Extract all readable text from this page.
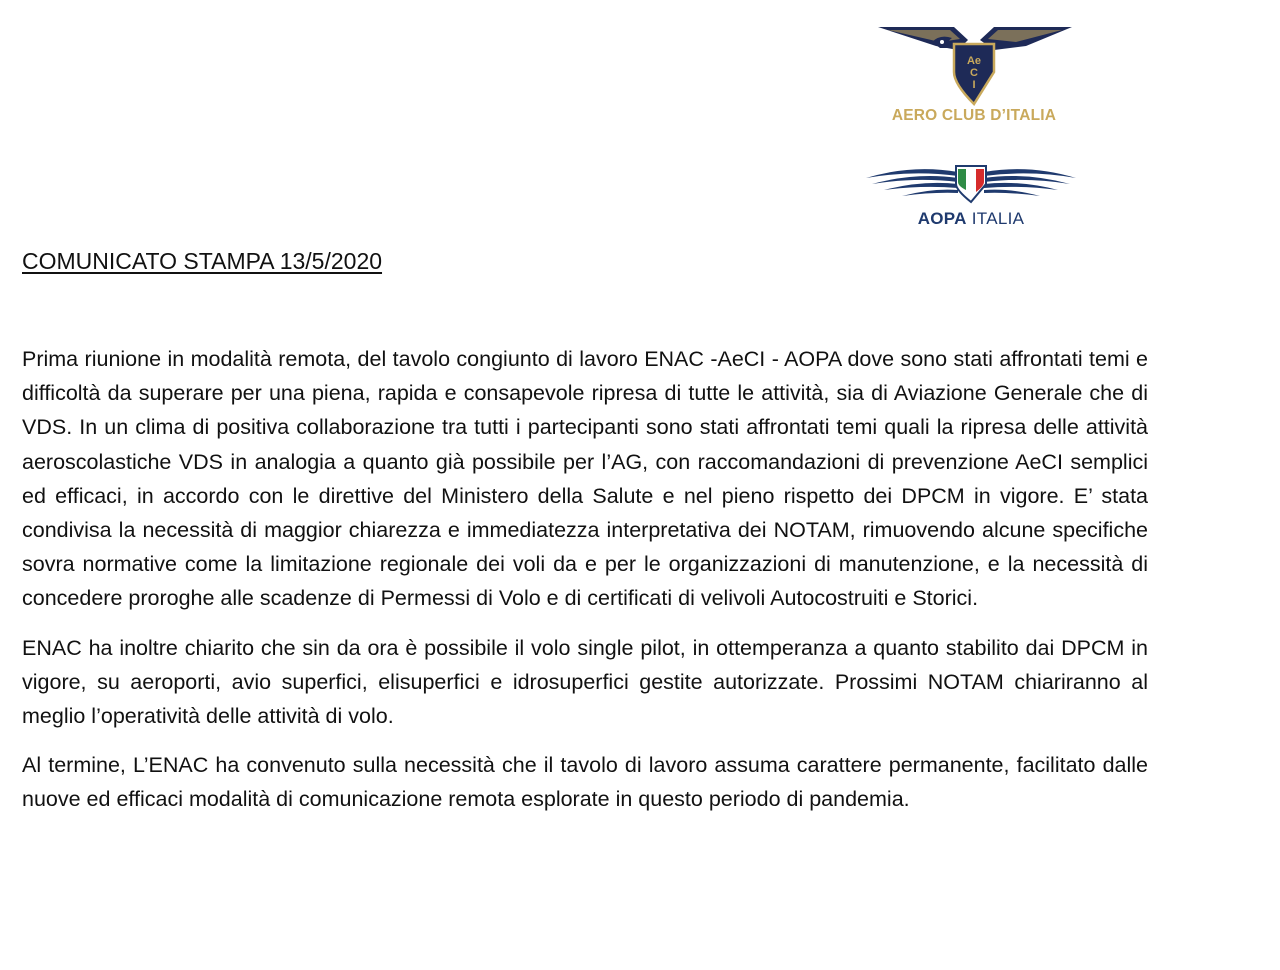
Ae
C
I
AERO CLUB D’ITALIA
AOPA ITALIA
COMUNICATO STAMPA 13/5/2020

Prima riunione in modalità remota, del tavolo congiunto di lavoro ENAC -AeCI - AOPA dove sono stati affrontati temi e difficoltà da superare per una piena, rapida e consapevole ripresa di tutte le attività, sia di Aviazione Generale che di VDS. In un clima di positiva collaborazione tra tutti i partecipanti sono stati affrontati temi quali la ripresa delle attività aeroscolastiche VDS in analogia a quanto già possibile per l’AG, con raccomandazioni di prevenzione AeCI semplici ed efficaci, in accordo con le direttive del Ministero della Salute e nel pieno rispetto dei DPCM in vigore. E’ stata condivisa la necessità di maggior chiarezza e immediatezza interpretativa dei NOTAM, rimuovendo alcune specifiche sovra normative come la limitazione regionale dei voli da e per le organizzazioni di manutenzione, e la necessità di concedere proroghe alle scadenze di Permessi di Volo e di certificati di velivoli Autocostruiti e Storici.

ENAC ha inoltre chiarito che sin da ora è possibile il volo single pilot, in ottemperanza a quanto stabilito dai DPCM in vigore, su aeroporti, avio superfici, elisuperfici e idrosuperfici gestite autorizzate. Prossimi NOTAM chiariranno al meglio l’operatività delle attività di volo.

Al termine, L’ENAC ha convenuto sulla necessità che il tavolo di lavoro assuma carattere permanente, facilitato dalle nuove ed efficaci modalità di comunicazione remota esplorate in questo periodo di pandemia.
